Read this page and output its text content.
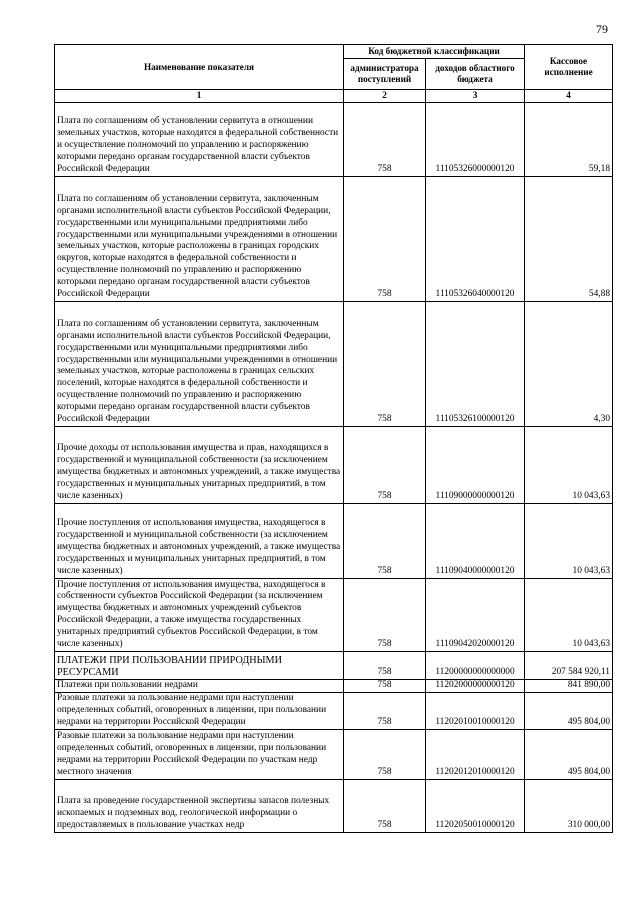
79
Наименование показателя	Код бюджетной классификации		Кассовое исполнение
	администратора поступлений	доходов областного бюджета	
1	2	3	4

Плата по соглашениям об установлении сервитута в отношении земельных участков, которые находятся в федеральной собственности и осуществление полномочий по управлению и распоряжению которыми передано органам государственной власти субъектов Российской Федерации	758	11105326000000120	59,18

Плата по соглашениям об установлении сервитута, заключенным органами исполнительной власти субъектов Российской Федерации, государственными или муниципальными предприятиями либо государственными или муниципальными учреждениями в отношении земельных участков, которые расположены в границах городских округов, которые находятся в федеральной собственности и осуществление полномочий по управлению и распоряжению которыми передано органам государственной власти субъектов Российской Федерации	758	11105326040000120	54,88

Плата по соглашениям об установлении сервитута, заключенным органами исполнительной власти субъектов Российской Федерации, государственными или муниципальными предприятиями либо государственными или муниципальными учреждениями в отношении земельных участков, которые расположены в границах сельских поселений, которые находятся в федеральной собственности и осуществление полномочий по управлению и распоряжению которыми передано органам государственной власти субъектов Российской Федерации	758	11105326100000120	4,30

Прочие доходы от использования имущества и прав, находящихся в государственной и муниципальной собственности (за исключением имущества бюджетных и автономных учреждений, а также имущества государственных и муниципальных унитарных предприятий, в том числе казенных)	758	11109000000000120	10 043,63

Прочие поступления от использования имущества, находящегося в государственной и муниципальной собственности (за исключением имущества бюджетных и автономных учреждений, а также имущества государственных и муниципальных унитарных предприятий, в том числе казенных)	758	11109040000000120	10 043,63
Прочие поступления от использования имущества, находящегося в собственности субъектов Российской Федерации (за исключением имущества бюджетных и автономных учреждений субъектов Российской Федерации, а также имущества государственных унитарных предприятий субъектов Российской Федерации, в том числе казенных)	758	11109042020000120	10 043,63
ПЛАТЕЖИ ПРИ ПОЛЬЗОВАНИИ ПРИРОДНЫМИ РЕСУРСАМИ	758	11200000000000000	207 584 920,11
Платежи при пользовании недрами	758	11202000000000120	841 890,00
Разовые платежи за пользование недрами при наступлении определенных событий, оговоренных в лицензии, при пользовании недрами на территории Российской Федерации	758	11202010010000120	495 804,00
Разовые платежи за пользование недрами при наступлении определенных событий, оговоренных в лицензии, при пользовании недрами на территории Российской Федерации по участкам недр местного значения	758	11202012010000120	495 804,00

Плата за проведение государственной экспертизы запасов полезных ископаемых и подземных вод, геологической информации о предоставляемых в пользование участках недр	758	11202050010000120	310 000,00
